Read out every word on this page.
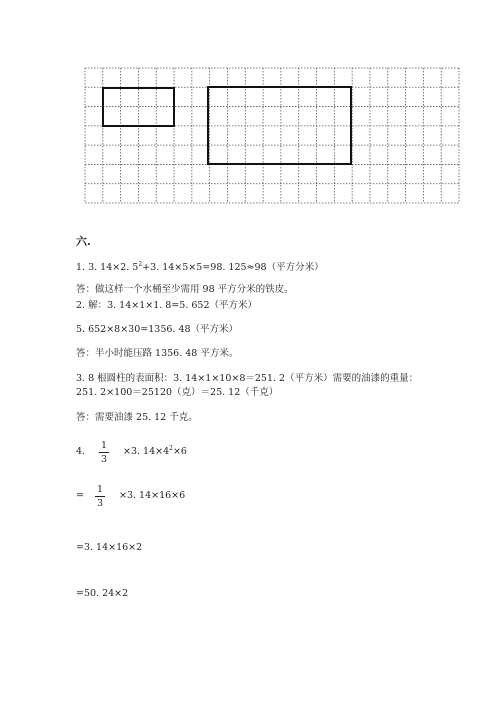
六.
1. 3. 14×2. $5^2+3$. 14×5×5=98. 125≈98（平方分米）
答：做这样一个水桶至少需用 98 平方分米的铁皮。
2. 解：3. 14×1×1. 8=5. 652（平方米）
5. 652×8×30=1356. 48（平方米）
答：半小时能压路 1356. 48 平方米。
3. 8 根圆柱的表面积：3. 14×1×10×8＝251. 2（平方米）需要的油漆的重量：
251. 2×100＝25120（克）＝25. 12（千克）
答：需要油漆 25. 12 千克。
4.
1
3
×3. $14\times 4^2\times 6$
=
1
3
×3. 14×16×6
=3. 14×16×2
=50. 24×2
